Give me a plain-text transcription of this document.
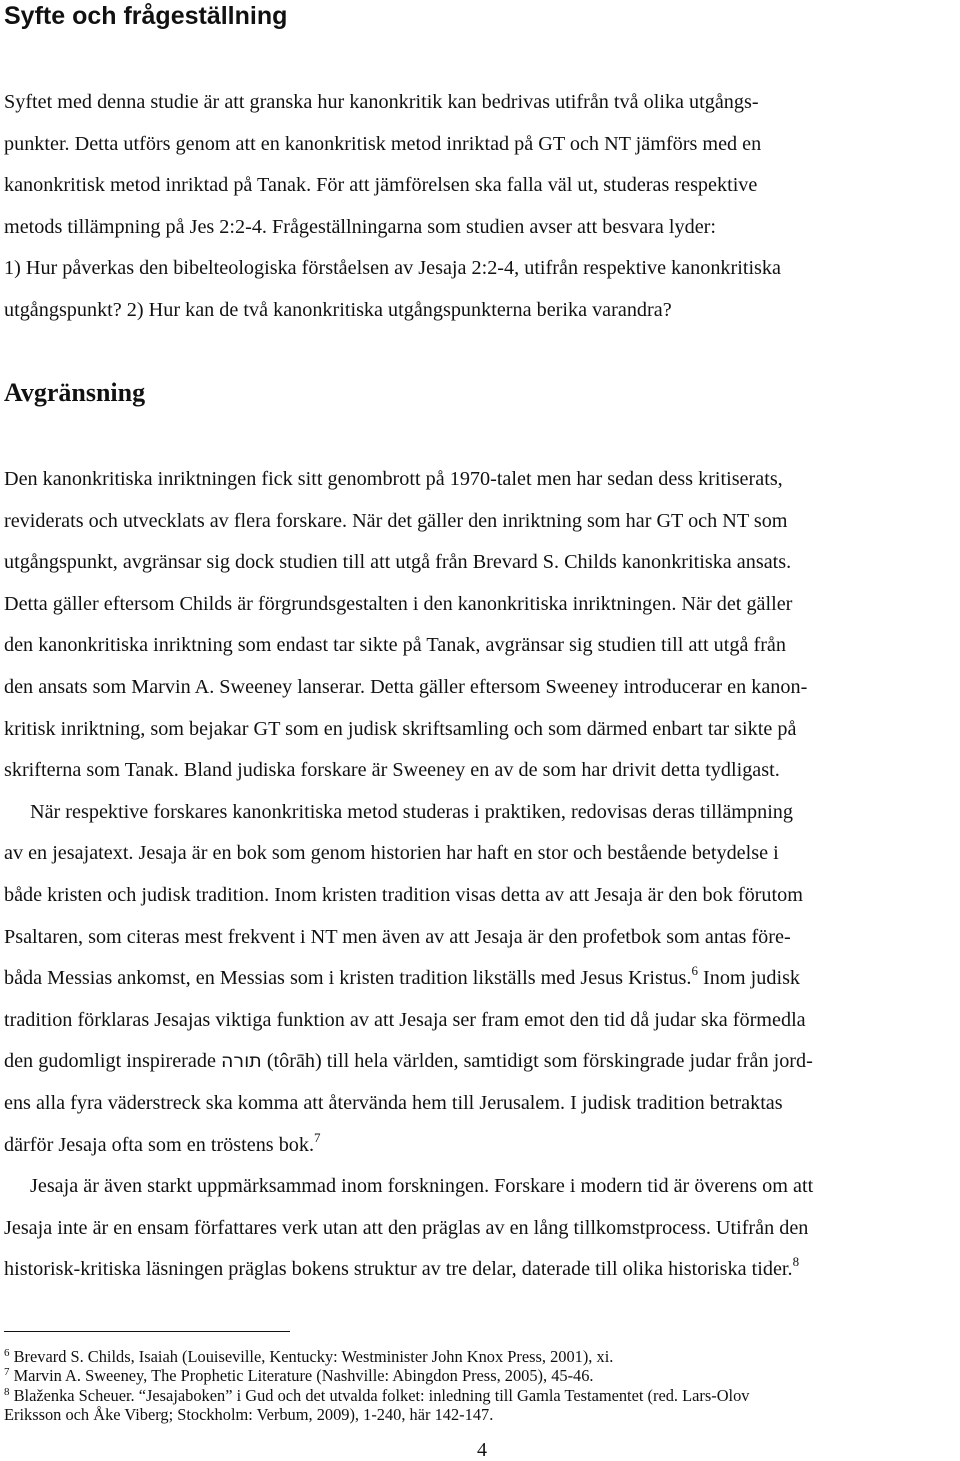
Syfte och frågeställning
Syftet med denna studie är att granska hur kanonkritik kan bedrivas utifrån två olika utgångs-
punkter. Detta utförs genom att en kanonkritisk metod inriktad på GT och NT jämförs med en
kanonkritisk metod inriktad på Tanak. För att jämförelsen ska falla väl ut, studeras respektive
metods tillämpning på Jes 2:2-4. Frågeställningarna som studien avser att besvara lyder:
1) Hur påverkas den bibelteologiska förståelsen av Jesaja 2:2-4, utifrån respektive kanonkritiska
utgångspunkt? 2) Hur kan de två kanonkritiska utgångspunkterna berika varandra?
Avgränsning
Den kanonkritiska inriktningen fick sitt genombrott på 1970-talet men har sedan dess kritiserats,
reviderats och utvecklats av flera forskare. När det gäller den inriktning som har GT och NT som
utgångspunkt, avgränsar sig dock studien till att utgå från Brevard S. Childs kanonkritiska ansats.
Detta gäller eftersom Childs är förgrundsgestalten i den kanonkritiska inriktningen. När det gäller
den kanonkritiska inriktning som endast tar sikte på Tanak, avgränsar sig studien till att utgå från
den ansats som Marvin A. Sweeney lanserar. Detta gäller eftersom Sweeney introducerar en kanon-
kritisk inriktning, som bejakar GT som en judisk skriftsamling och som därmed enbart tar sikte på
skrifterna som Tanak. Bland judiska forskare är Sweeney en av de som har drivit detta tydligast.
När respektive forskares kanonkritiska metod studeras i praktiken, redovisas deras tillämpning
av en jesajatext. Jesaja är en bok som genom historien har haft en stor och bestående betydelse i
både kristen och judisk tradition. Inom kristen tradition visas detta av att Jesaja är den bok förutom
Psaltaren, som citeras mest frekvent i NT men även av att Jesaja är den profetbok som antas före-
båda Messias ankomst, en Messias som i kristen tradition likställs med Jesus Kristus.$^6$ Inom judisk
tradition förklaras Jesajas viktiga funktion av att Jesaja ser fram emot den tid då judar ska förmedla
den gudomligt inspirerade תורה (tôrāh) till hela världen, samtidigt som förskingrade judar från jord-
ens alla fyra väderstreck ska komma att återvända hem till Jerusalem. I judisk tradition betraktas
därför Jesaja ofta som en tröstens bok.$^7$
Jesaja är även starkt uppmärksammad inom forskningen. Forskare i modern tid är överens om att
Jesaja inte är en ensam författares verk utan att den präglas av en lång tillkomstprocess. Utifrån den
historisk-kritiska läsningen präglas bokens struktur av tre delar, daterade till olika historiska tider.$^8$
$^6$ Brevard S. Childs, Isaiah (Louiseville, Kentucky: Westminister John Knox Press, 2001), xi.
$^7$ Marvin A. Sweeney, The Prophetic Literature (Nashville: Abingdon Press, 2005), 45-46.
$^8$ Blaženka Scheuer. “Jesajaboken” i Gud och det utvalda folket: inledning till Gamla Testamentet (red. Lars-Olov
Eriksson och Åke Viberg; Stockholm: Verbum, 2009), 1-240, här 142-147.
4
